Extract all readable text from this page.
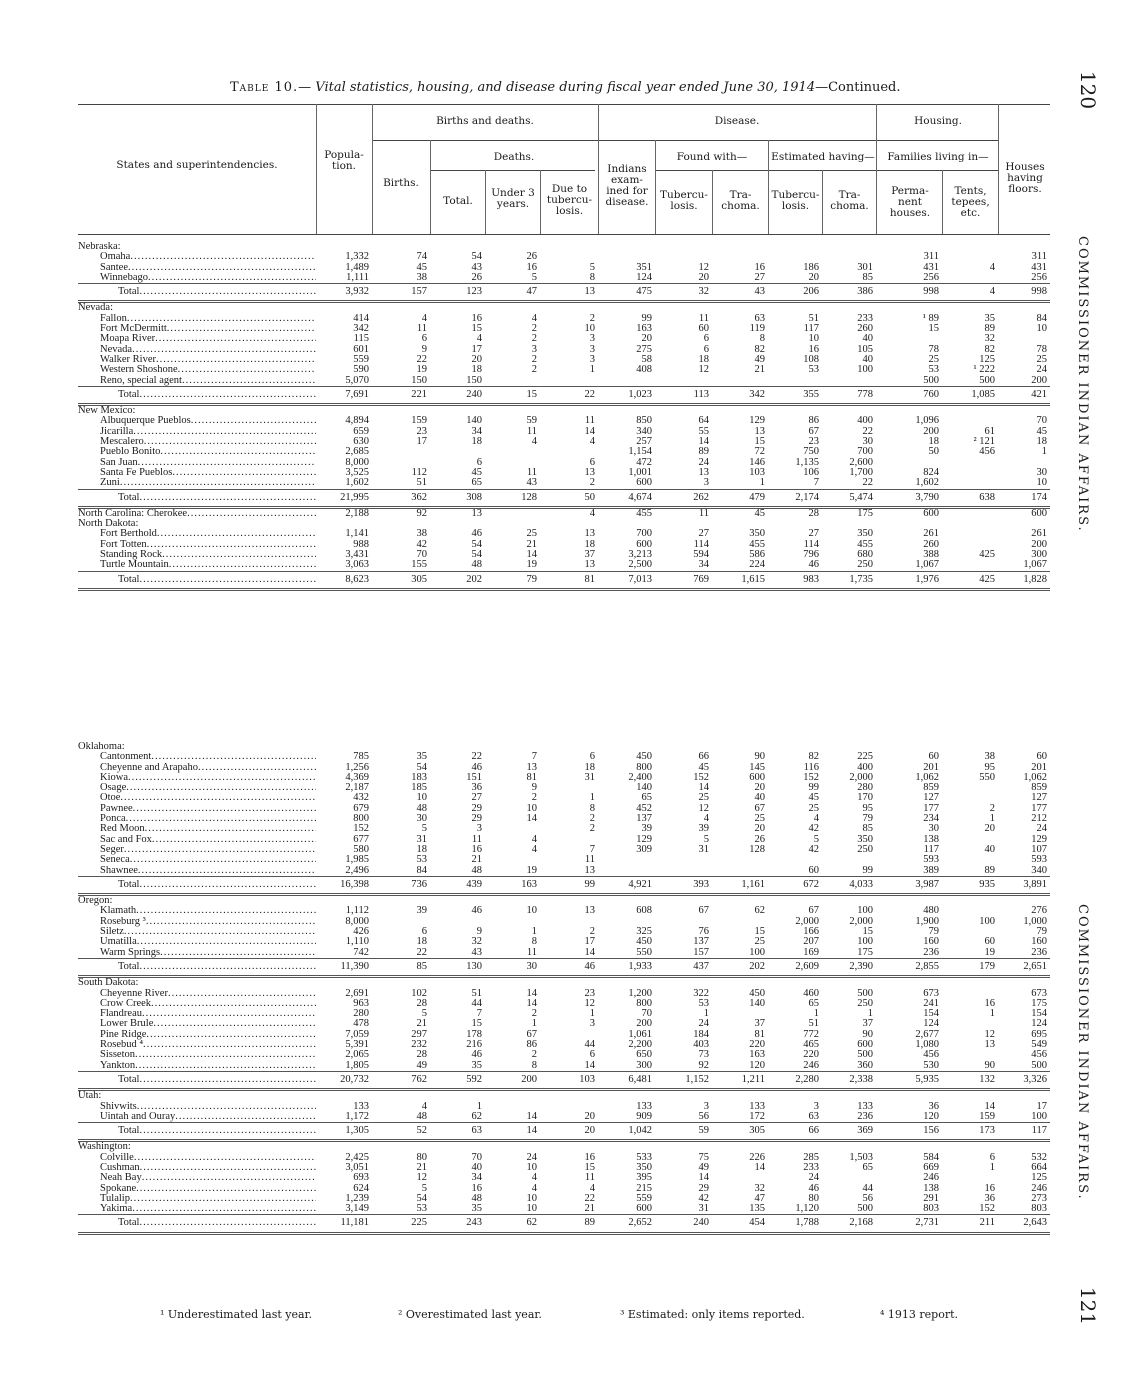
Table 10.— Vital statistics, housing, and disease during fiscal year ended June 30, 1914—Continued.	120
121
COMMISSIONER INDIAN AFFAIRS.
COMMISSIONER INDIAN AFFAIRS.
States and superintendencies.
Popula-tion.
Births and deaths.
Births.
Deaths.
Total.
Under 3 years.
Due to tubercu-losis.
Disease.
Indians exam-ined for disease.
Found with—
Tubercu-losis.
Tra-choma.
Estimated having—
Tubercu-losis.
Tra-choma.
Housing.
Families living in—
Perma-nent houses.
Tents, tepees, etc.
Houses having floors.
Nebraska:													
Omaha .....	1,332	74	54	26							311		311
Santee .....	1,489	45	43	16	5	351	12	16	186	301	431	4	431
Winnebago .....	1,111	38	26	5	8	124	20	27	20	85	256		256
Total .....	3,932	157	123	47	13	475	32	43	206	386	998	4	998
Nevada:													
Fallon .....	414	4	16	4	2	99	11	63	51	233	¹ 89	35	84
Fort McDermitt .....	342	11	15	2	10	163	60	119	117	260	15	89	10
Moapa River .....	115	6	4	2	3	20	6	8	10	40		32	
Nevada .....	601	9	17	3	3	275	6	82	16	105	78	82	78
Walker River .....	559	22	20	2	3	58	18	49	108	40	25	125	25
Western Shoshone .....	590	19	18	2	1	408	12	21	53	100	53	¹ 222	24
Reno, special agent .....	5,070	150	150								500	500	200
Total .....	7,691	221	240	15	22	1,023	113	342	355	778	760	1,085	421
New Mexico:													
Albuquerque Pueblos .....	4,894	159	140	59	11	850	64	129	86	400	1,096		70
Jicarilla .....	659	23	34	11	14	340	55	13	67	22	200	61	45
Mescalero .....	630	17	18	4	4	257	14	15	23	30	18	² 121	18
Pueblo Bonito .....	2,685					1,154	89	72	750	700	50	456	1
San Juan .....	8,000		6		6	472	24	146	1,135	2,600			
Santa Fe Pueblos .....	3,525	112	45	11	13	1,001	13	103	106	1,700	824		30
Zuni .....	1,602	51	65	43	2	600	3	1	7	22	1,602		10
Total .....	21,995	362	308	128	50	4,674	262	479	2,174	5,474	3,790	638	174
North Carolina: Cherokee .....	2,188	92	13		4	455	11	45	28	175	600		600
North Dakota:													
Fort Berthold .....	1,141	38	46	25	13	700	27	350	27	350	261		261
Fort Totten .....	988	42	54	21	18	600	114	455	114	455	260		200
Standing Rock .....	3,431	70	54	14	37	3,213	594	586	796	680	388	425	300
Turtle Mountain .....	3,063	155	48	19	13	2,500	34	224	46	250	1,067		1,067
Total .....	8,623	305	202	79	81	7,013	769	1,615	983	1,735	1,976	425	1,828
Oklahoma:													
Cantonment .....	785	35	22	7	6	450	66	90	82	225	60	38	60
Cheyenne and Arapaho .....	1,256	54	46	13	18	800	45	145	116	400	201	95	201
Kiowa .....	4,369	183	151	81	31	2,400	152	600	152	2,000	1,062	550	1,062
Osage .....	2,187	185	36	9		140	14	20	99	280	859		859
Otoe .....	432	10	27	2	1	65	25	40	45	170	127		127
Pawnee .....	679	48	29	10	8	452	12	67	25	95	177	2	177
Ponca .....	800	30	29	14	2	137	4	25	4	79	234	1	212
Red Moon .....	152	5	3		2	39	39	20	42	85	30	20	24
Sac and Fox .....	677	31	11	4		129	5	26	5	350	138		129
Seger .....	580	18	16	4	7	309	31	128	42	250	117	40	107
Seneca .....	1,985	53	21		11						593		593
Shawnee .....	2,496	84	48	19	13				60	99	389	89	340
Total .....	16,398	736	439	163	99	4,921	393	1,161	672	4,033	3,987	935	3,891
Oregon:													
Klamath .....	1,112	39	46	10	13	608	67	62	67	100	480		276
Roseburg ³ .....	8,000								2,000	2,000	1,900	100	1,000
Siletz .....	426	6	9	1	2	325	76	15	166	15	79		79
Umatilla .....	1,110	18	32	8	17	450	137	25	207	100	160	60	160
Warm Springs .....	742	22	43	11	14	550	157	100	169	175	236	19	236
Total .....	11,390	85	130	30	46	1,933	437	202	2,609	2,390	2,855	179	2,651
South Dakota:													
Cheyenne River .....	2,691	102	51	14	23	1,200	322	450	460	500	673		673
Crow Creek .....	963	28	44	14	12	800	53	140	65	250	241	16	175
Flandreau .....	280	5	7	2	1	70	1		1	1	154	1	154
Lower Brule .....	478	21	15	1	3	200	24	37	51	37	124		124
Pine Ridge .....	7,059	297	178	67		1,061	184	81	772	90	2,677	12	695
Rosebud ⁴ .....	5,391	232	216	86	44	2,200	403	220	465	600	1,080	13	549
Sisseton .....	2,065	28	46	2	6	650	73	163	220	500	456		456
Yankton .....	1,805	49	35	8	14	300	92	120	246	360	530	90	500
Total .....	20,732	762	592	200	103	6,481	1,152	1,211	2,280	2,338	5,935	132	3,326
Utah:													
Shivwits .....	133	4	1			133	3	133	3	133	36	14	17
Uintah and Ouray .....	1,172	48	62	14	20	909	56	172	63	236	120	159	100
Total .....	1,305	52	63	14	20	1,042	59	305	66	369	156	173	117
Washington:													
Colville .....	2,425	80	70	24	16	533	75	226	285	1,503	584	6	532
Cushman .....	3,051	21	40	10	15	350	49	14	233	65	669	1	664
Neah Bay .....	693	12	34	4	11	395	14		24		246		125
Spokane .....	624	5	16	4	4	215	29	32	46	44	138	16	246
Tulalip .....	1,239	54	48	10	22	559	42	47	80	56	291	36	273
Yakima .....	3,149	53	35	10	21	600	31	135	1,120	500	803	152	803
Total .....	11,181	225	243	62	89	2,652	240	454	1,788	2,168	2,731	211	2,643
¹ Underestimated last year.	² Overestimated last year.	³ Estimated: only items reported.	⁴ 1913 report.
